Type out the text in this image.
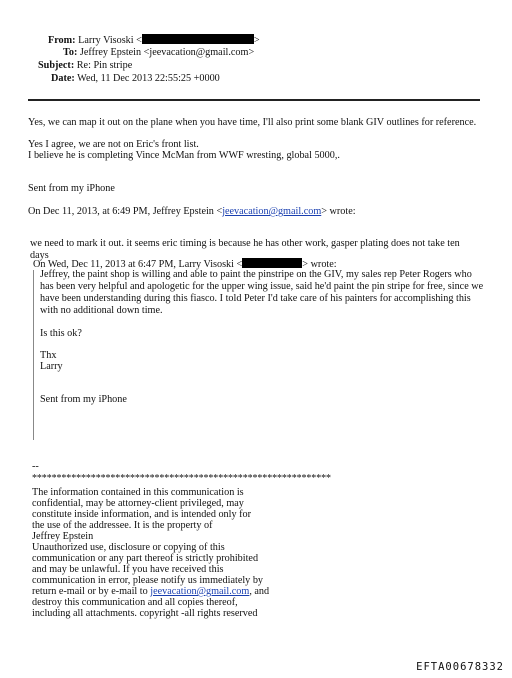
From: Larry Visoski <	>
To: Jeffrey Epstein <jeevacation@gmail.com>
Subject: Re: Pin stripe
Date: Wed, 11 Dec 2013 22:55:25 +0000
Yes, we can map it out on the plane when you have time, I'll also print some blank GIV outlines for reference.
Yes I agree, we are not on Eric's front list.
I believe he is completing Vince McMan from WWF wresting, global 5000,.
Sent from my iPhone
On Dec 11, 2013, at 6:49 PM, Jeffrey Epstein <jeevacation@gmail.com> wrote:
we need to mark it out. it seems eric timing is because he has other work, gasper plating does not take ten
days
On Wed, Dec 11, 2013 at 6:47 PM, Larry Visoski <	> wrote:
Jeffrey, the paint shop is willing and able to paint the pinstripe on the GIV, my sales rep Peter Rogers who
has been very helpful and apologetic for the upper wing issue, said he'd paint the pin stripe for free, since we
have been understanding during this fiasco. I told Peter I'd take care of his painters for accomplishing this
with no additional down time.
Is this ok?
Thx
Larry
Sent from my iPhone
--
*************************************************************
The information contained in this communication is
confidential, may be attorney-client privileged, may
constitute inside information, and is intended only for
the use of the addressee. It is the property of
Jeffrey Epstein
Unauthorized use, disclosure or copying of this
communication or any part thereof is strictly prohibited
and may be unlawful. If you have received this
communication in error, please notify us immediately by
return e-mail or by e-mail to jeevacation@gmail.com, and
destroy this communication and all copies thereof,
including all attachments. copyright -all rights reserved
EFTA00678332
